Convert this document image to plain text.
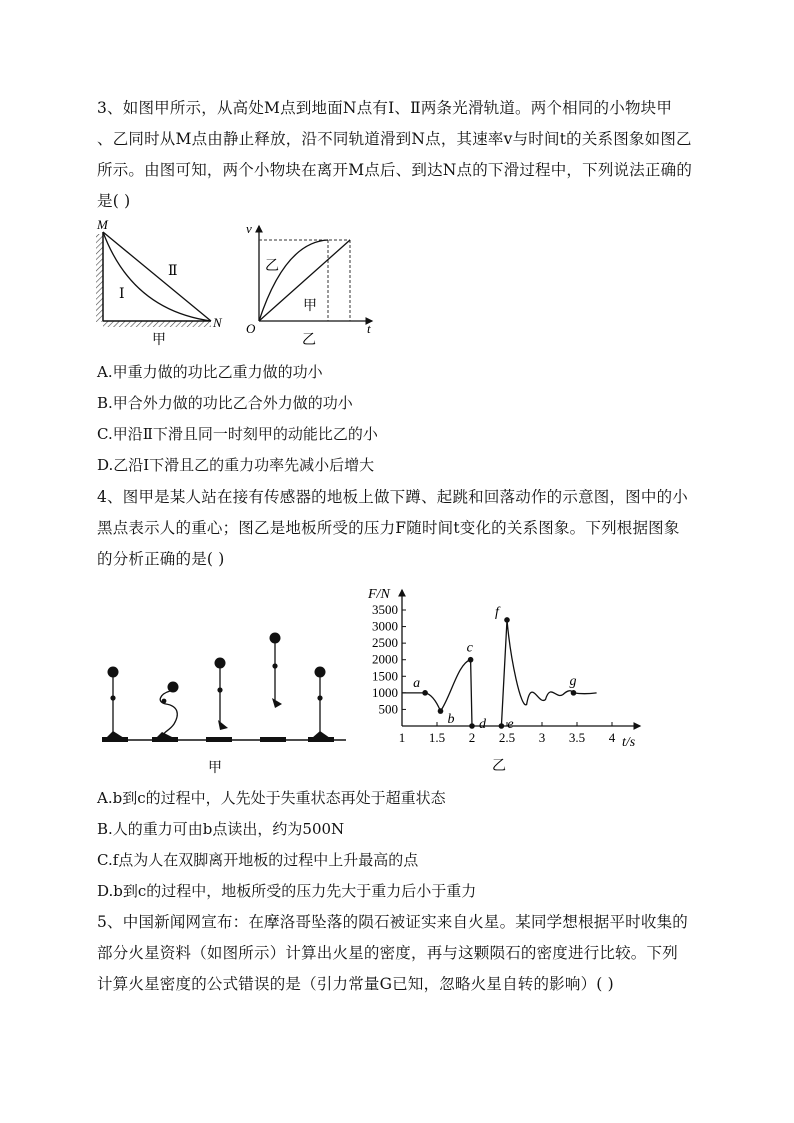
3、如图甲所示，从高处M点到地面N点有Ⅰ、Ⅱ两条光滑轨道。两个相同的小物块甲
、乙同时从M点由静止释放，沿不同轨道滑到N点，其速率v与时间t的关系图象如图乙
所示。由图可知，两个小物块在离开M点后、到达N点的下滑过程中，下列说法正确的
是( )
M
N
Ⅱ
Ⅰ
甲
v
O	t
乙
甲
乙
A.甲重力做的功比乙重力做的功小
B.甲合外力做的功比乙合外力做的功小
C.甲沿Ⅱ下滑且同一时刻甲的动能比乙的小
D.乙沿Ⅰ下滑且乙的重力功率先减小后增大
4、图甲是某人站在接有传感器的地板上做下蹲、起跳和回落动作的示意图，图中的小
黑点表示人的重心；图乙是地板所受的压力F随时间t变化的关系图象。下列根据图象
的分析正确的是( )
甲
500
1000
1500
2000
2500
3000
3500
1 1.5 2 2.5 3 3.5 4
a
b
c
d e
f
g
F/N
t/s
乙
A.b到c的过程中，人先处于失重状态再处于超重状态
B.人的重力可由b点读出，约为500N
C.f点为人在双脚离开地板的过程中上升最高的点
D.b到c的过程中，地板所受的压力先大于重力后小于重力
5、中国新闻网宣布：在摩洛哥坠落的陨石被证实来自火星。某同学想根据平时收集的
部分火星资料（如图所示）计算出火星的密度，再与这颗陨石的密度进行比较。下列
计算火星密度的公式错误的是（引力常量G已知，忽略火星自转的影响）( )
